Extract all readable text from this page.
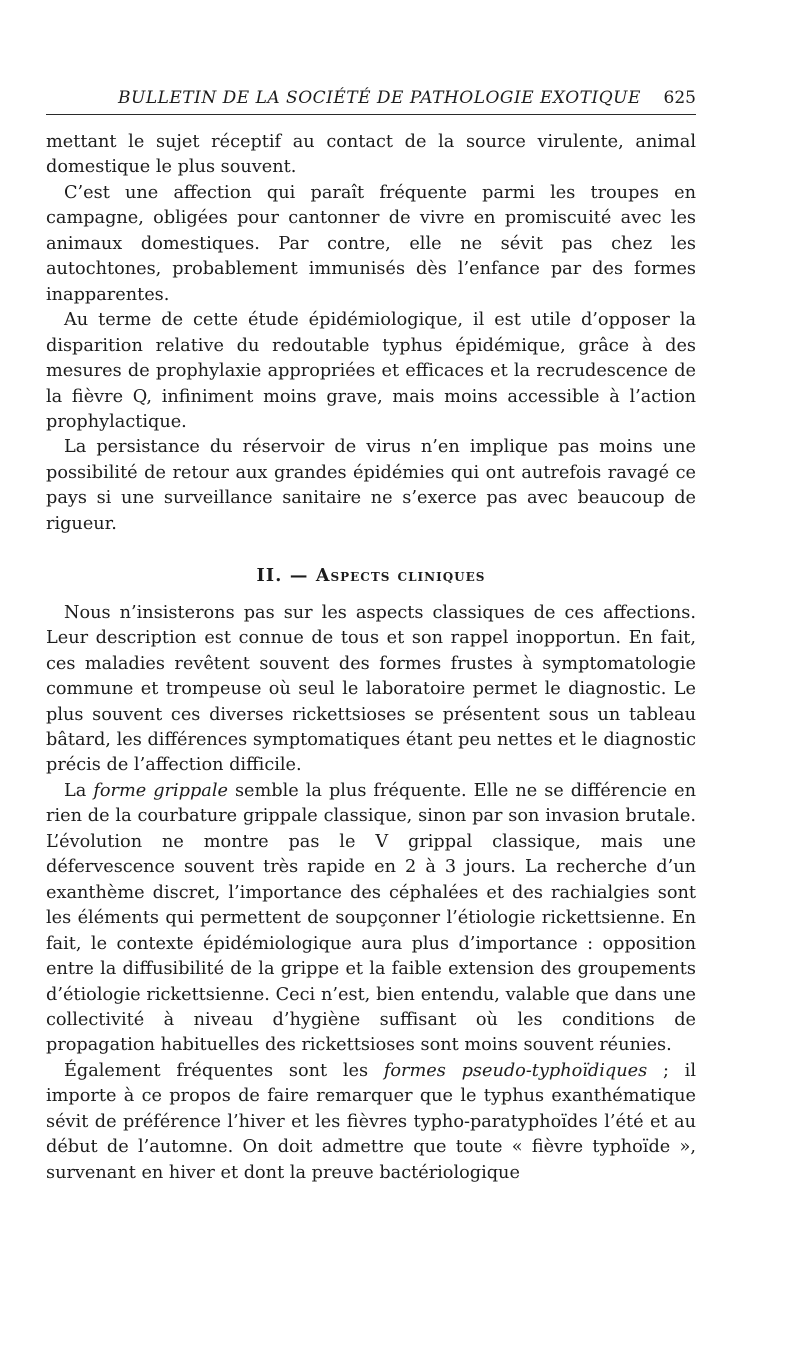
BULLETIN DE LA SOCIÉTÉ DE PATHOLOGIE EXOTIQUE 625

mettant le sujet réceptif au contact de la source virulente, animal domestique le plus souvent.

C’est une affection qui paraît fréquente parmi les troupes en campagne, obligées pour cantonner de vivre en promiscuité avec les animaux domestiques. Par contre, elle ne sévit pas chez les autochtones, probablement immunisés dès l’enfance par des formes inapparentes.

Au terme de cette étude épidémiologique, il est utile d’opposer la disparition relative du redoutable typhus épidémique, grâce à des mesures de prophylaxie appropriées et efficaces et la recrudescence de la fièvre Q, infiniment moins grave, mais moins accessible à l’action prophylactique.

La persistance du réservoir de virus n’en implique pas moins une possibilité de retour aux grandes épidémies qui ont autrefois ravagé ce pays si une surveillance sanitaire ne s’exerce pas avec beaucoup de rigueur.

II. — Aspects cliniques

Nous n’insisterons pas sur les aspects classiques de ces affections. Leur description est connue de tous et son rappel inopportun. En fait, ces maladies revêtent souvent des formes frustes à symptomatologie commune et trompeuse où seul le laboratoire permet le diagnostic. Le plus souvent ces diverses rickettsioses se présentent sous un tableau bâtard, les différences symptomatiques étant peu nettes et le diagnostic précis de l’affection difficile.

La forme grippale semble la plus fréquente. Elle ne se différencie en rien de la courbature grippale classique, sinon par son invasion brutale. L’évolution ne montre pas le V grippal classique, mais une défervescence souvent très rapide en 2 à 3 jours. La recherche d’un exanthème discret, l’importance des céphalées et des rachialgies sont les éléments qui permettent de soupçonner l’étiologie rickettsienne. En fait, le contexte épidémiologique aura plus d’importance : opposition entre la diffusibilité de la grippe et la faible extension des groupements d’étiologie rickettsienne. Ceci n’est, bien entendu, valable que dans une collectivité à niveau d’hygiène suffisant où les conditions de propagation habituelles des rickettsioses sont moins souvent réunies.

Également fréquentes sont les formes pseudo-typhoïdiques ; il importe à ce propos de faire remarquer que le typhus exanthématique sévit de préférence l’hiver et les fièvres typho-paratyphoïdes l’été et au début de l’automne. On doit admettre que toute « fièvre typhoïde », survenant en hiver et dont la preuve bactériologique
